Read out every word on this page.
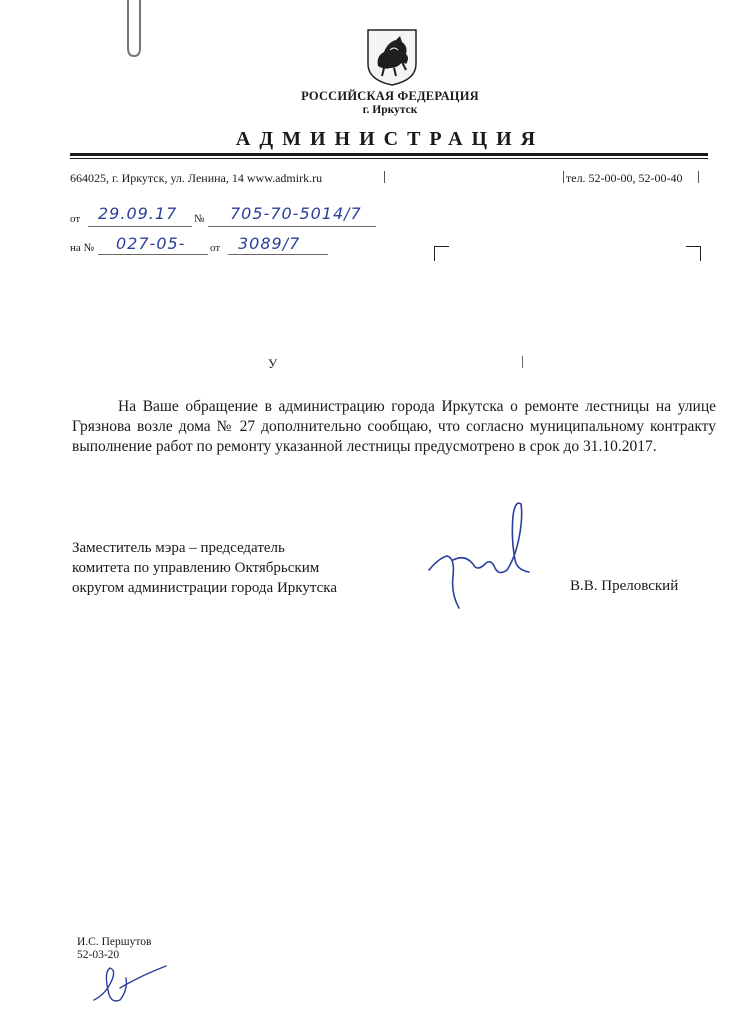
РОССИЙСКАЯ ФЕДЕРАЦИЯ
г. Иркутск
АДМИНИСТРАЦИЯ
664025, г. Иркутск, ул. Ленина, 14 www.admirk.ru	тел. 52-00-00, 52-00-40
от 29.09.17 № 705-70-5014/7
на № 027-05- от 3089/7
У

На Ваше обращение в администрацию города Иркутска о ремонте лестницы на улице Грязнова возле дома № 27 дополнительно сообщаю, что согласно муниципальному контракту выполнение работ по ремонту указанной лестницы предусмотрено в срок до 31.10.2017.

Заместитель мэра – председатель
комитета по управлению Октябрьским
округом администрации города Иркутска	В.В. Преловский
И.С. Першутов
52-03-20
